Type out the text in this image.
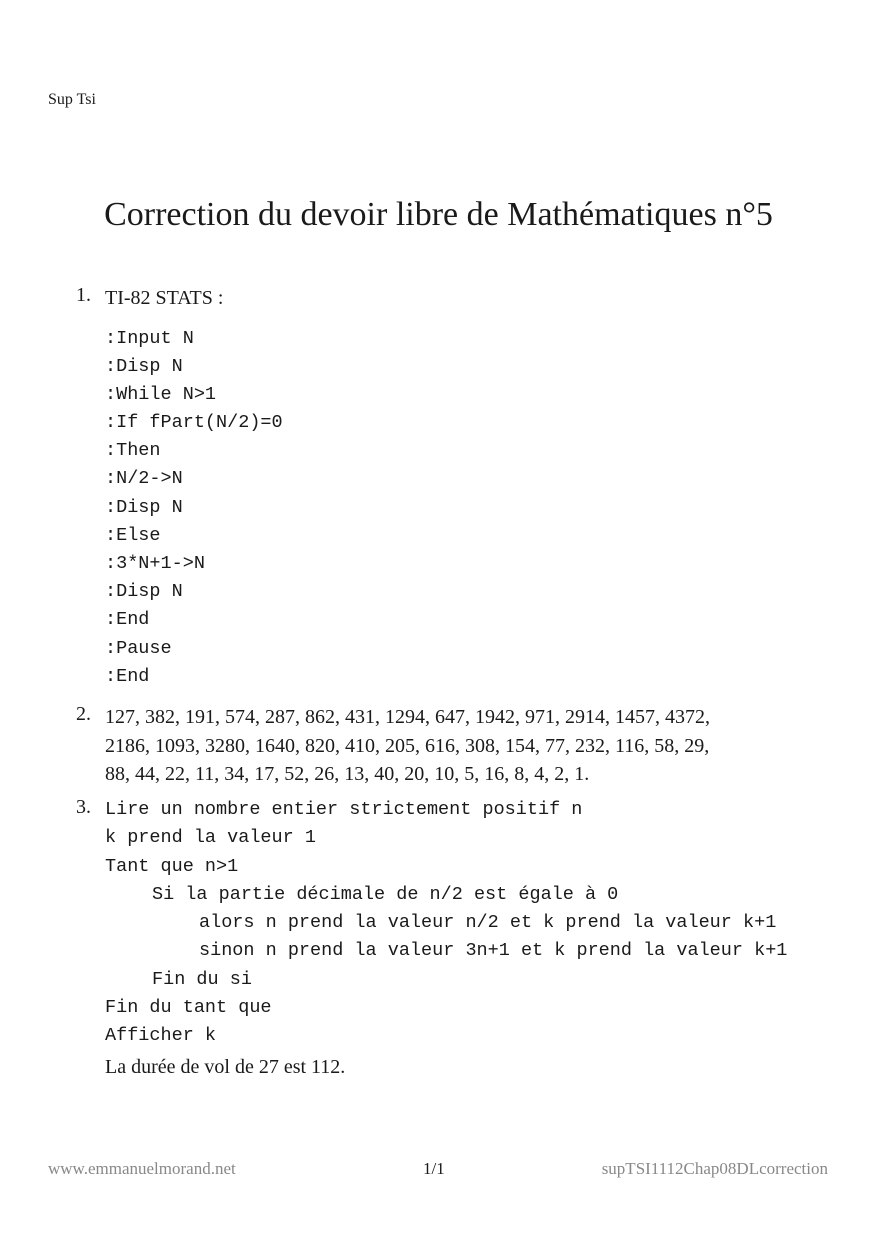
Sup Tsi
Correction du devoir libre de Mathématiques n°5
1. TI-82 STATS :
:Input N
:Disp N
:While N>1
:If fPart(N/2)=0
:Then
:N/2->N
:Disp N
:Else
:3*N+1->N
:Disp N
:End
:Pause
:End
2. 127, 382, 191, 574, 287, 862, 431, 1294, 647, 1942, 971, 2914, 1457, 4372,
2186, 1093, 3280, 1640, 820, 410, 205, 616, 308, 154, 77, 232, 116, 58, 29,
88, 44, 22, 11, 34, 17, 52, 26, 13, 40, 20, 10, 5, 16, 8, 4, 2, 1.
3. Lire un nombre entier strictement positif n
k prend la valeur 1
Tant que n>1
Si la partie décimale de n/2 est égale à 0
alors n prend la valeur n/2 et k prend la valeur k+1
sinon n prend la valeur 3n+1 et k prend la valeur k+1
Fin du si
Fin du tant que
Afficher k
La durée de vol de 27 est 112.
www.emmanuelmorand.net	1/1	supTSI1112Chap08DLcorrection
